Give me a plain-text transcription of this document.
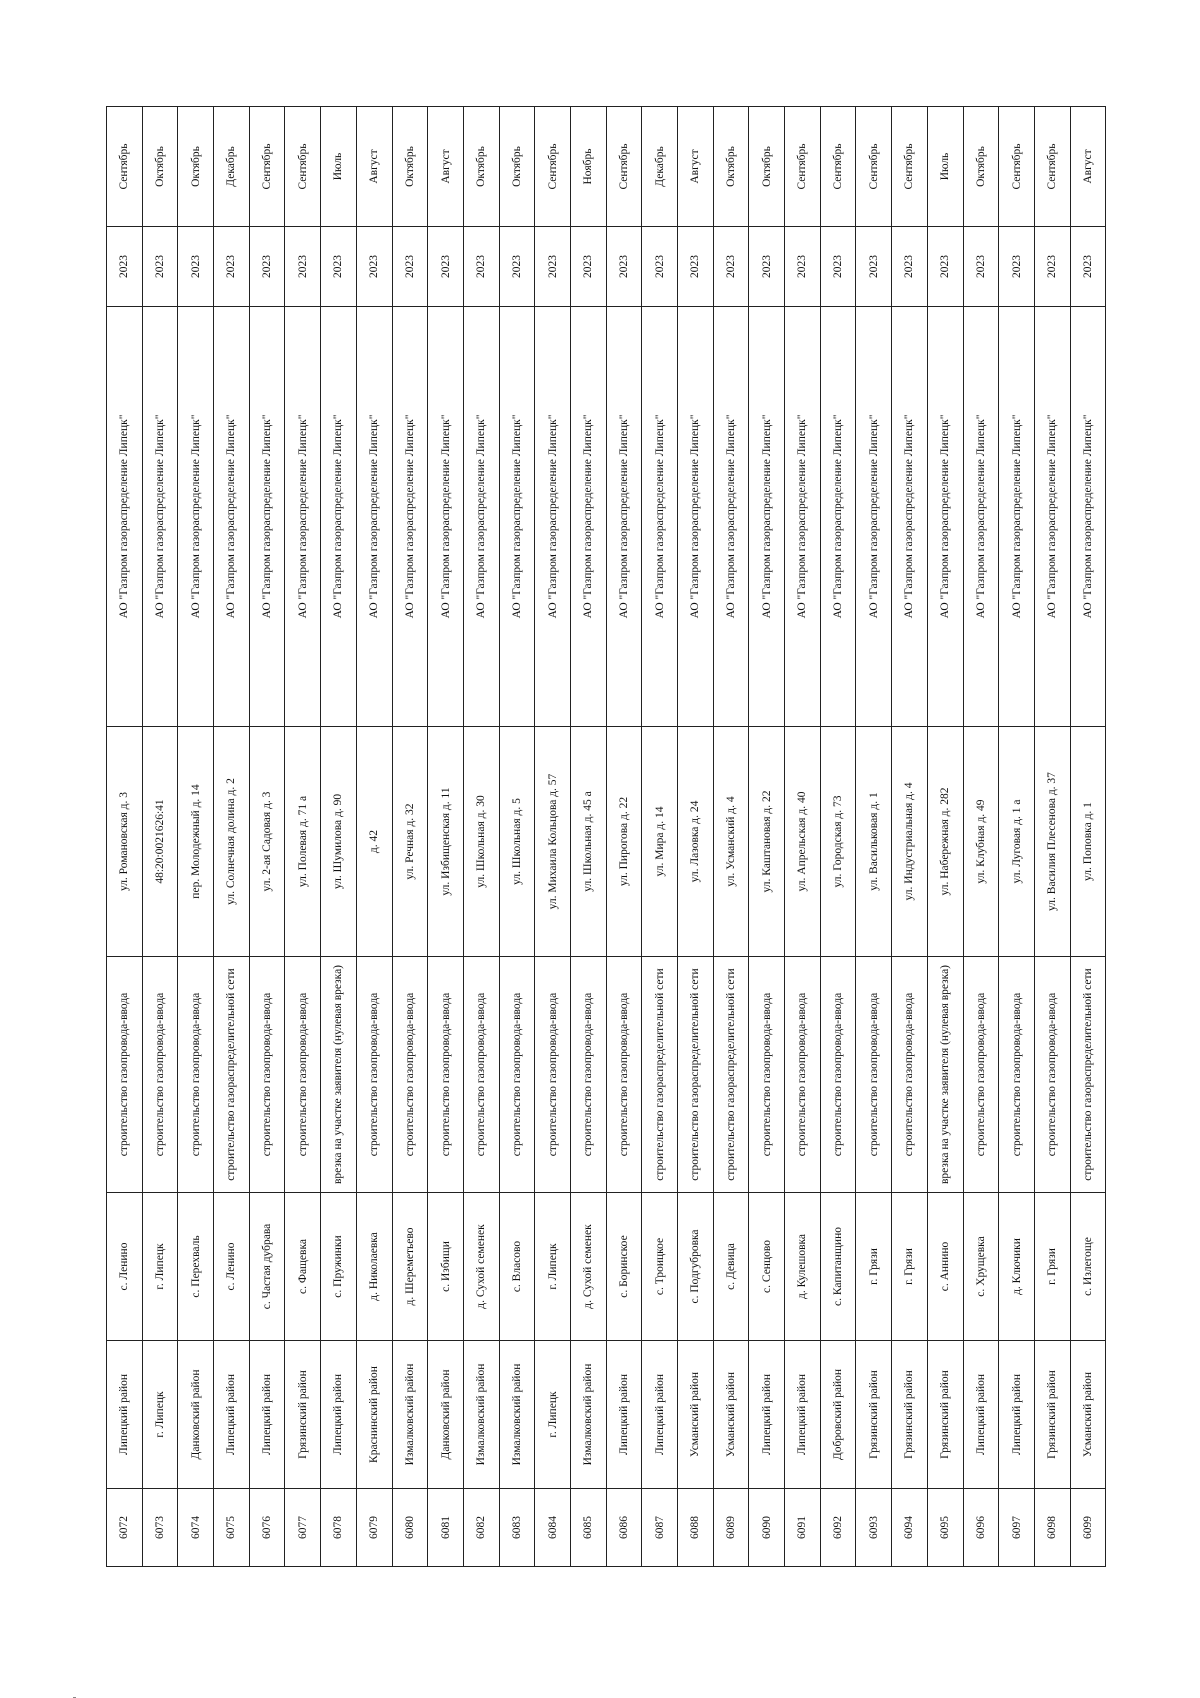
6072	Липецкий район	с. Ленино	строительство газопровода-ввода	ул. Романовская д. 3	АО "Газпром газораспределение Липецк"	2023	Сентябрь
6073	г. Липецк	г. Липецк	строительство газопровода-ввода	48:20:0021626:41	АО "Газпром газораспределение Липецк"	2023	Октябрь
6074	Данковский район	с. Перехваль	строительство газопровода-ввода	пер. Молодежный д. 14	АО "Газпром газораспределение Липецк"	2023	Октябрь
6075	Липецкий район	с. Ленино	строительство газораспределительной сети	ул. Солнечная долина д. 2	АО "Газпром газораспределение Липецк"	2023	Декабрь
6076	Липецкий район	с. Частая дубрава	строительство газопровода-ввода	ул. 2-ая Садовая д. 3	АО "Газпром газораспределение Липецк"	2023	Сентябрь
6077	Грязинский район	с. Фащевка	строительство газопровода-ввода	ул. Полевая д. 71 а	АО "Газпром газораспределение Липецк"	2023	Сентябрь
6078	Липецкий район	с. Пружинки	врезка на участке заявителя (нулевая врезка)	ул. Шумилова д. 90	АО "Газпром газораспределение Липецк"	2023	Июль
6079	Краснинский район	д. Николаевка	строительство газопровода-ввода	д. 42	АО "Газпром газораспределение Липецк"	2023	Август
6080	Измалковский район	д. Шереметьево	строительство газопровода-ввода	ул. Речная д. 32	АО "Газпром газораспределение Липецк"	2023	Октябрь
6081	Данковский район	с. Избищи	строительство газопровода-ввода	ул. Избищенская д. 11	АО "Газпром газораспределение Липецк"	2023	Август
6082	Измалковский район	д. Сухой семенек	строительство газопровода-ввода	ул. Школьная д. 30	АО "Газпром газораспределение Липецк"	2023	Октябрь
6083	Измалковский район	с. Власово	строительство газопровода-ввода	ул. Школьная д. 5	АО "Газпром газораспределение Липецк"	2023	Октябрь
6084	г. Липецк	г. Липецк	строительство газопровода-ввода	ул. Михаила Кольцова д. 57	АО "Газпром газораспределение Липецк"	2023	Сентябрь
6085	Измалковский район	д. Сухой семенек	строительство газопровода-ввода	ул. Школьная д. 45 а	АО "Газпром газораспределение Липецк"	2023	Ноябрь
6086	Липецкий район	с. Боринское	строительство газопровода-ввода	ул. Пирогова д. 22	АО "Газпром газораспределение Липецк"	2023	Сентябрь
6087	Липецкий район	с. Троицкое	строительство газораспределительной сети	ул. Мира д. 14	АО "Газпром газораспределение Липецк"	2023	Декабрь
6088	Усманский район	с. Подгубровка	строительство газораспределительной сети	ул. Лазовка д. 24	АО "Газпром газораспределение Липецк"	2023	Август
6089	Усманский район	с. Девица	строительство газораспределительной сети	ул. Усманский д. 4	АО "Газпром газораспределение Липецк"	2023	Октябрь
6090	Липецкий район	с. Сенцово	строительство газопровода-ввода	ул. Каштановая д. 22	АО "Газпром газораспределение Липецк"	2023	Октябрь
6091	Липецкий район	д. Кулешовка	строительство газопровода-ввода	ул. Апрельская д. 40	АО "Газпром газораспределение Липецк"	2023	Сентябрь
6092	Добровский район	с. Капитанщино	строительство газопровода-ввода	ул. Городская д. 73	АО "Газпром газораспределение Липецк"	2023	Сентябрь
6093	Грязинский район	г. Грязи	строительство газопровода-ввода	ул. Васильковая д. 1	АО "Газпром газораспределение Липецк"	2023	Сентябрь
6094	Грязинский район	г. Грязи	строительство газопровода-ввода	ул. Индустриальная д. 4	АО "Газпром газораспределение Липецк"	2023	Сентябрь
6095	Грязинский район	с. Аннино	врезка на участке заявителя (нулевая врезка)	ул. Набережная д. 282	АО "Газпром газораспределение Липецк"	2023	Июль
6096	Липецкий район	с. Хрущевка	строительство газопровода-ввода	ул. Клубная д. 49	АО "Газпром газораспределение Липецк"	2023	Октябрь
6097	Липецкий район	д. Ключики	строительство газопровода-ввода	ул. Луговая д. 1 а	АО "Газпром газораспределение Липецк"	2023	Сентябрь
6098	Грязинский район	г. Грязи	строительство газопровода-ввода	ул. Василия Плесенова д. 37	АО "Газпром газораспределение Липецк"	2023	Сентябрь
6099	Усманский район	с. Излегоще	строительство газораспределительной сети	ул. Поповка д. 1	АО "Газпром газораспределение Липецк"	2023	Август
